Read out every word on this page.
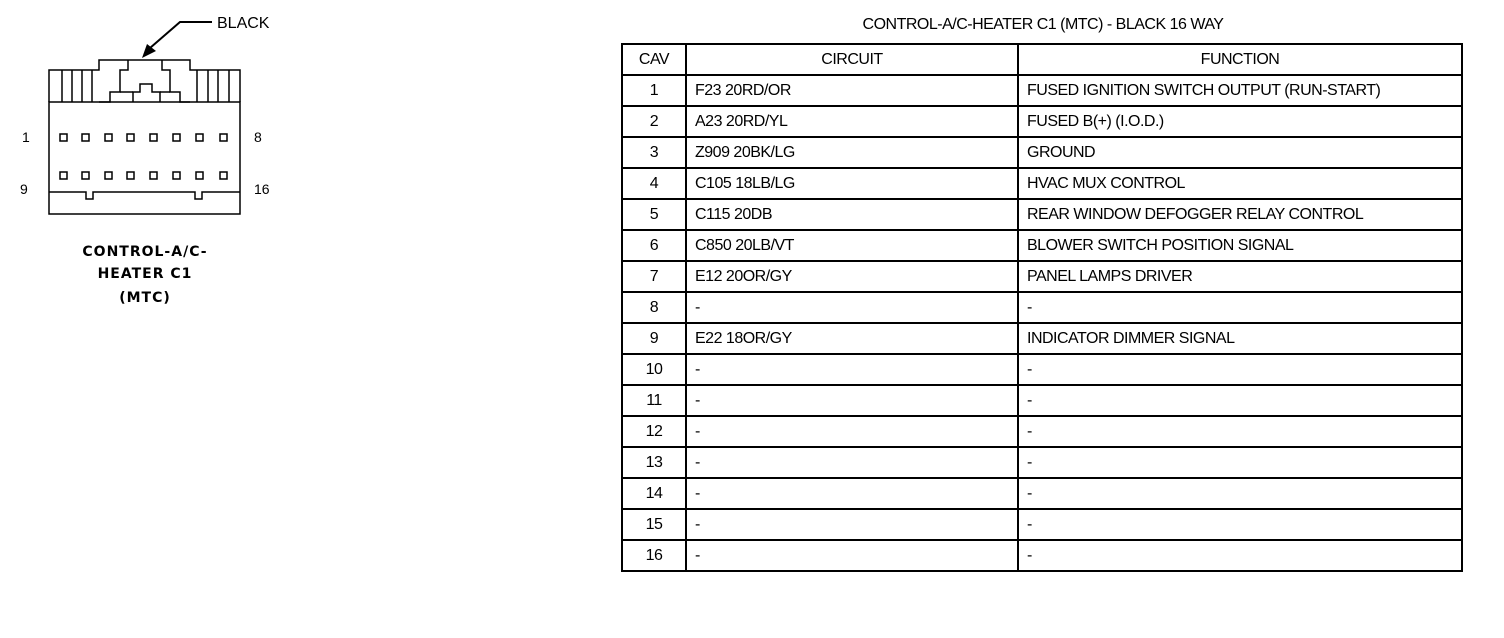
BLACK
1	8
9	16
CONTROL-A/C-
HEATER C1
(MTC)
CONTROL-A/C-HEATER C1 (MTC) - BLACK 16 WAY
CAV	CIRCUIT	FUNCTION
1	F23 20RD/OR	FUSED IGNITION SWITCH OUTPUT (RUN-START)
2	A23 20RD/YL	FUSED B(+) (I.O.D.)
3	Z909 20BK/LG	GROUND
4	C105 18LB/LG	HVAC MUX CONTROL
5	C115 20DB	REAR WINDOW DEFOGGER RELAY CONTROL
6	C850 20LB/VT	BLOWER SWITCH POSITION SIGNAL
7	E12 20OR/GY	PANEL LAMPS DRIVER
8	-	-
9	E22 18OR/GY	INDICATOR DIMMER SIGNAL
10	-	-
11	-	-
12	-	-
13	-	-
14	-	-
15	-	-
16	-	-
